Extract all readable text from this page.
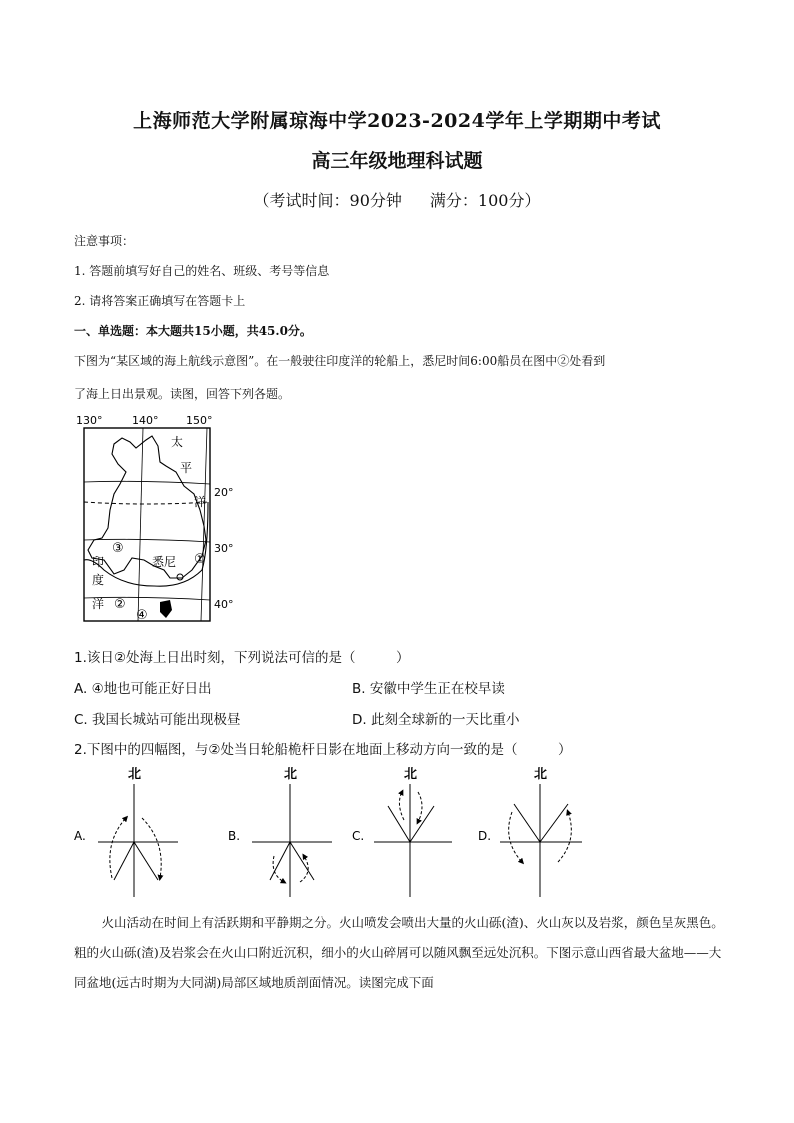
上海师范大学附属琼海中学2023-2024学年上学期期中考试
高三年级地理科试题
（考试时间：90分钟 满分：100分）
注意事项：
1. 答题前填写好自己的姓名、班级、考号等信息
2. 请将答案正确填写在答题卡上
一、单选题：本大题共15小题，共45.0分。
下图为“某区域的海上航线示意图”。在一般驶往印度洋的轮船上，悉尼时间6:00船员在图中②处看到
了海上日出景观。读图，回答下列各题。
130°	140°	150°
太
平
洋
20°
30°
40°
③
印
度
洋
悉尼 ①
②
④
1.该日②处海上日出时刻，下列说法可信的是（　　　）
A. ④地也可能正好日出	B. 安徽中学生正在校早读
C. 我国长城站可能出现极昼	D. 此刻全球新的一天比重小
2.下图中的四幅图，与②处当日轮船桅杆日影在地面上移动方向一致的是（　　　）
北
A.
北
B.
北
C.
北
D.
火山活动在时间上有活跃期和平静期之分。火山喷发会喷出大量的火山砾(渣)、火山灰以及岩浆，颜色呈灰黑色。粗的火山砾(渣)及岩浆会在火山口附近沉积，细小的火山碎屑可以随风飘至远处沉积。下图示意山西省最大盆地——大同盆地(远古时期为大同湖)局部区域地质剖面情况。读图完成下面
